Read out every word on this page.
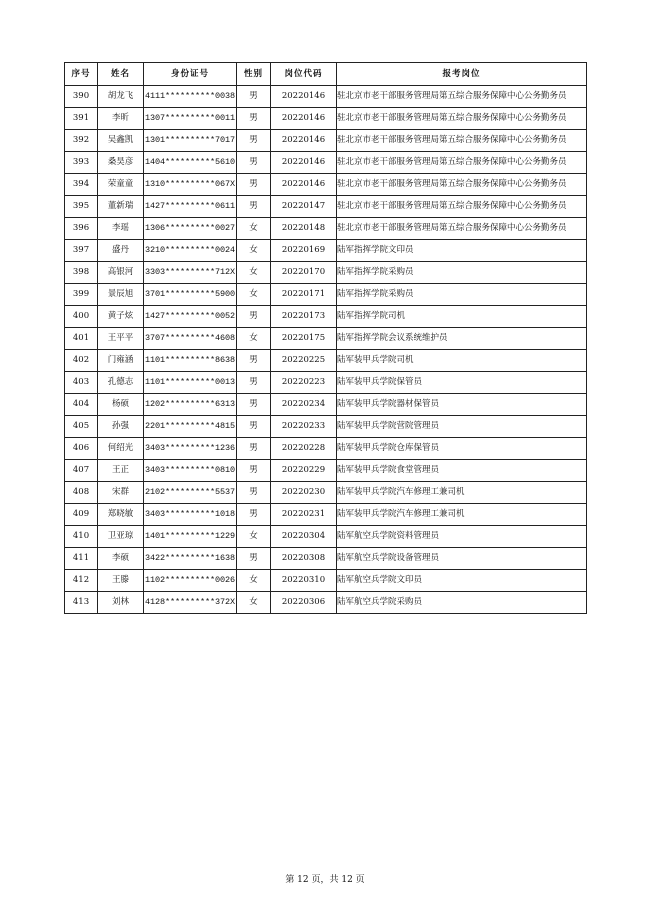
序号	姓名	身份证号	性别	岗位代码	报考岗位
390	胡龙飞	4111**********0038	男	20220146	驻北京市老干部服务管理局第五综合服务保障中心公务勤务员
391	李昕	1307**********0011	男	20220146	驻北京市老干部服务管理局第五综合服务保障中心公务勤务员
392	吴鑫凯	1301**********7017	男	20220146	驻北京市老干部服务管理局第五综合服务保障中心公务勤务员
393	桑昊彦	1404**********5610	男	20220146	驻北京市老干部服务管理局第五综合服务保障中心公务勤务员
394	荣童童	1310**********067X	男	20220146	驻北京市老干部服务管理局第五综合服务保障中心公务勤务员
395	董新瑞	1427**********0611	男	20220147	驻北京市老干部服务管理局第五综合服务保障中心公务勤务员
396	李瑶	1306**********0027	女	20220148	驻北京市老干部服务管理局第五综合服务保障中心公务勤务员
397	盛丹	3210**********0024	女	20220169	陆军指挥学院文印员
398	高银河	3303**********712X	女	20220170	陆军指挥学院采购员
399	景辰旭	3701**********5900	女	20220171	陆军指挥学院采购员
400	黄子炫	1427**********0052	男	20220173	陆军指挥学院司机
401	王平平	3707**********4608	女	20220175	陆军指挥学院会议系统维护员
402	门雍涵	1101**********8638	男	20220225	陆军装甲兵学院司机
403	孔德志	1101**********0013	男	20220223	陆军装甲兵学院保管员
404	杨硕	1202**********6313	男	20220234	陆军装甲兵学院器材保管员
405	孙强	2201**********4815	男	20220233	陆军装甲兵学院营院管理员
406	何绍光	3403**********1236	男	20220228	陆军装甲兵学院仓库保管员
407	王正	3403**********0810	男	20220229	陆军装甲兵学院食堂管理员
408	宋群	2102**********5537	男	20220230	陆军装甲兵学院汽车修理工兼司机
409	郑晓敏	3403**********1018	男	20220231	陆军装甲兵学院汽车修理工兼司机
410	卫亚琼	1401**********1229	女	20220304	陆军航空兵学院资料管理员
411	李硕	3422**********1638	男	20220308	陆军航空兵学院设备管理员
412	王滕	1102**********0026	女	20220310	陆军航空兵学院文印员
413	刘林	4128**********372X	女	20220306	陆军航空兵学院采购员
第 12 页，共 12 页
